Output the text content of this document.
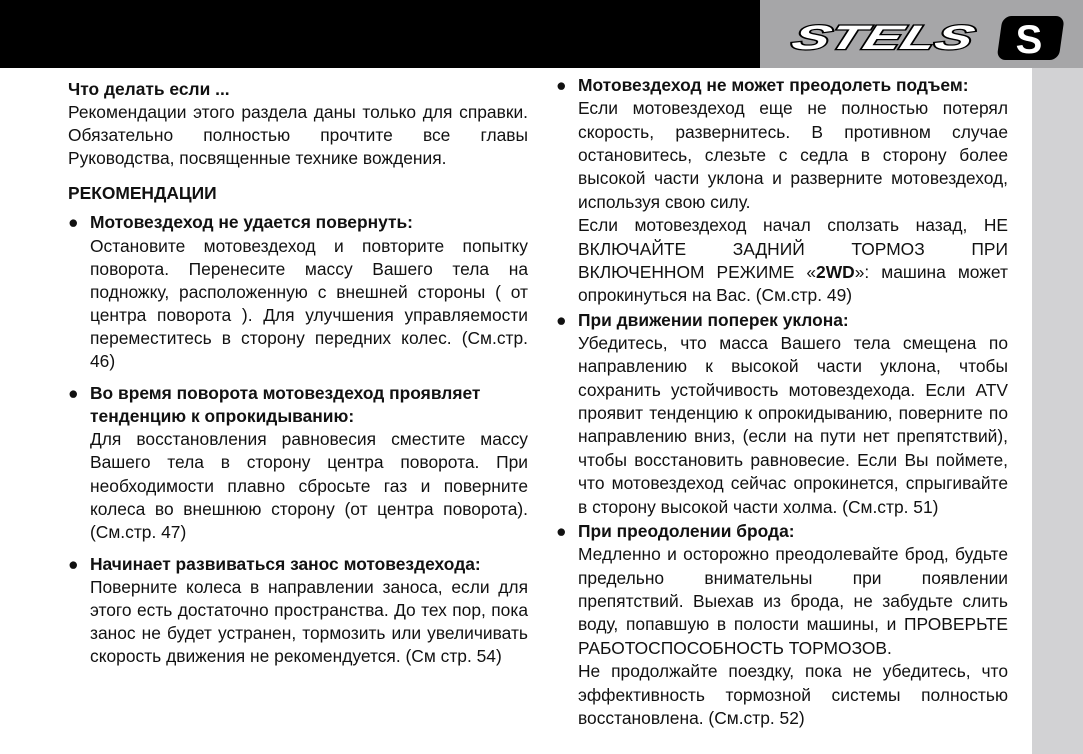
STELS	S

Что делать если ...

Рекомендации этого раздела даны только для справки. Обязательно полностью прочтите все главы Руководства, посвященные технике вождения.

РЕКОМЕНДАЦИИ

● Мотовездеход не удается повернуть:
Остановите мотовездеход и повторите попытку поворота. Перенесите массу Вашего тела на подножку, расположенную с внешней стороны ( от центра поворота ). Для улучшения управляемости переместитесь в сторону передних колес. (См.стр. 46)
● Во время поворота мотовездеход проявляет тенденцию к опрокидыванию:
Для восстановления равновесия сместите массу Вашего тела в сторону центра поворота. При необходимости плавно сбросьте газ и поверните колеса во внешнюю сторону (от центра поворота). (См.стр. 47)
● Начинает развиваться занос мотовездехода:
Поверните колеса в направлении заноса, если для этого есть достаточно пространства. До тех пор, пока занос не будет устранен, тормозить или увеличивать скорость движения не рекомендуется. (См стр. 54)
● Мотовездеход не может преодолеть подъем:
Если мотовездеход еще не полностью потерял скорость, развернитесь. В противном случае остановитесь, слезьте с седла в сторону более высокой части уклона и разверните мотовездеход, используя свою силу.
Если мотовездеход начал сползать назад, НЕ ВКЛЮЧАЙТЕ ЗАДНИЙ ТОРМОЗ ПРИ ВКЛЮЧЕННОМ РЕЖИМЕ «2WD»: машина может опрокинуться на Вас. (См.стр. 49)
● При движении поперек уклона:
Убедитесь, что масса Вашего тела смещена по направлению к высокой части уклона, чтобы сохранить устойчивость мотовездехода. Если ATV проявит тенденцию к опрокидыванию, поверните по направлению вниз, (если на пути нет препятствий), чтобы восстановить равновесие. Если Вы поймете, что мотовездеход сейчас опрокинется, спрыгивайте в сторону высокой части холма. (См.стр. 51)
● При преодолении брода:
Медленно и осторожно преодолевайте брод, будьте предельно внимательны при появлении препятствий. Выехав из брода, не забудьте слить воду, попавшую в полости машины, и ПРОВЕРЬТЕ РАБОТОСПОСОБНОСТЬ ТОРМОЗОВ.
Не продолжайте поездку, пока не убедитесь, что эффективность тормозной системы полностью восстановлена. (См.стр. 52)
